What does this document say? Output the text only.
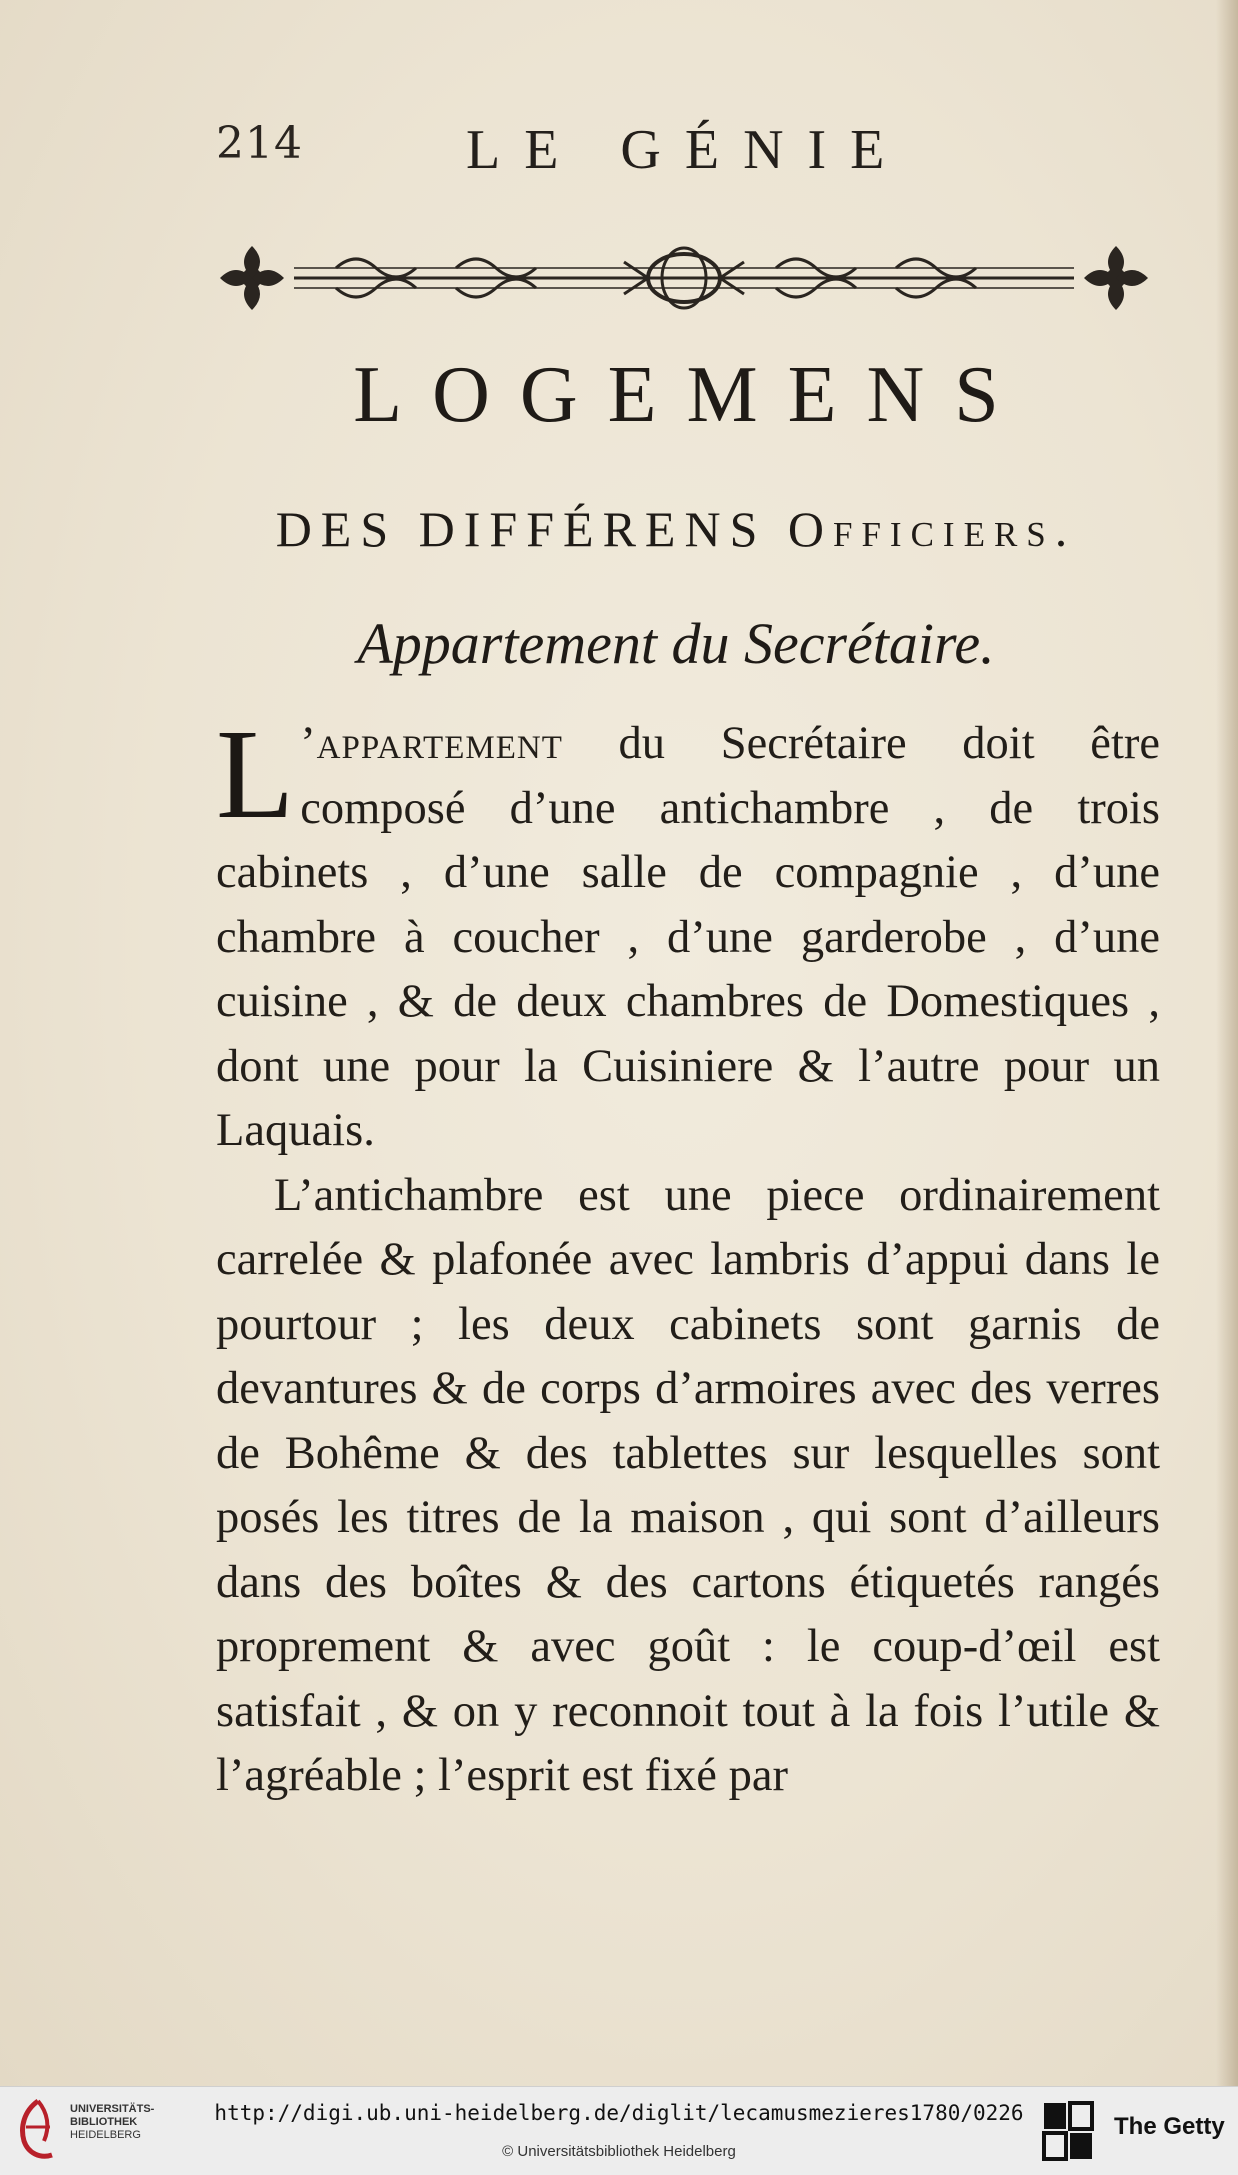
214	LE GÉNIE
LOGEMENS
DES DIFFÉRENS Officiers.
Appartement du Secrétaire.

L ’appartement du Secrétaire doit être composé d’une antichambre , de trois cabinets , d’une salle de compagnie , d’une chambre à coucher , d’une garderobe , d’une cuisine , & de deux chambres de Domestiques , dont une pour la Cuisiniere & l’autre pour un Laquais.

L’antichambre est une piece ordinairement carrelée & plafonée avec lambris d’appui dans le pourtour ; les deux cabinets sont garnis de devantures & de corps d’armoires avec des verres de Bohême & des tablettes sur lesquelles sont posés les titres de la maison , qui sont d’ailleurs dans des boîtes & des cartons étiquetés rangés proprement & avec goût : le coup-d’œil est satisfait , & on y reconnoit tout à la fois l’utile & l’agréable ; l’esprit est fixé par

UNIVERSITÄTS-
BIBLIOTHEK
HEIDELBERG
http://digi.ub.uni-heidelberg.de/diglit/lecamusmezieres1780/0226
© Universitätsbibliothek Heidelberg
The Getty
